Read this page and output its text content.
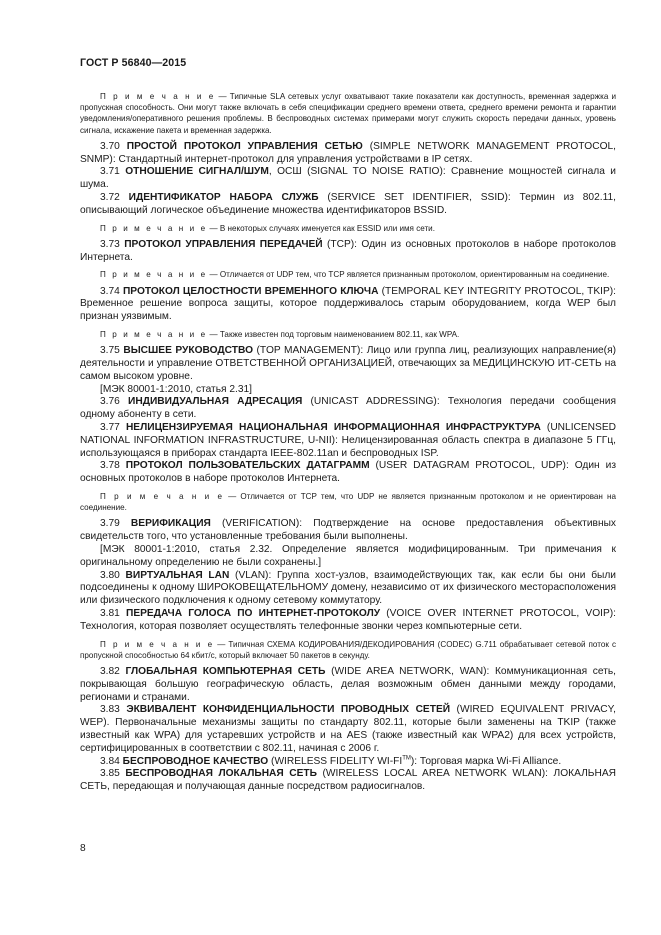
ГОСТ Р 56840—2015

П р и м е ч а н и е — Типичные SLA сетевых услуг охватывают такие показатели как доступность, временная задержка и пропускная способность. Они могут также включать в себя спецификации среднего времени ответа, среднего времени ремонта и гарантии уведомления/оперативного решения проблемы. В беспроводных системах примерами могут служить скорость передачи данных, уровень сигнала, искажение пакета и временная задержка.

3.70 ПРОСТОЙ ПРОТОКОЛ УПРАВЛЕНИЯ СЕТЬЮ (SIMPLE NETWORK MANAGEMENT PROTOCOL, SNMP): Стандартный интернет-протокол для управления устройствами в IP сетях.

3.71 ОТНОШЕНИЕ СИГНАЛ/ШУМ, ОСШ (SIGNAL TO NOISE RATIO): Сравнение мощностей сигнала и шума.

3.72 ИДЕНТИФИКАТОР НАБОРА СЛУЖБ (SERVICE SET IDENTIFIER, SSID): Термин из 802.11, описывающий логическое объединение множества идентификаторов BSSID.

П р и м е ч а н и е — В некоторых случаях именуется как ESSID или имя сети.

3.73 ПРОТОКОЛ УПРАВЛЕНИЯ ПЕРЕДАЧЕЙ (TCP): Один из основных протоколов в наборе протоколов Интернета.

П р и м е ч а н и е — Отличается от UDP тем, что TCP является признанным протоколом, ориентированным на соединение.

3.74 ПРОТОКОЛ ЦЕЛОСТНОСТИ ВРЕМЕННОГО КЛЮЧА (TEMPORAL KEY INTEGRITY PROTOCOL, TKIP): Временное решение вопроса защиты, которое поддерживалось старым оборудованием, когда WEP был признан уязвимым.

П р и м е ч а н и е — Также известен под торговым наименованием 802.11, как WPA.

3.75 ВЫСШЕЕ РУКОВОДСТВО (TOP MANAGEMENT): Лицо или группа лиц, реализующих направление(я) деятельности и управление ОТВЕТСТВЕННОЙ ОРГАНИЗАЦИЕЙ, отвечающих за МЕДИЦИНСКУЮ ИТ-СЕТЬ на самом высоком уровне.

[МЭК 80001-1:2010, статья 2.31]

3.76 ИНДИВИДУАЛЬНАЯ АДРЕСАЦИЯ (UNICAST ADDRESSING): Технология передачи сообщения одному абоненту в сети.

3.77 НЕЛИЦЕНЗИРУЕМАЯ НАЦИОНАЛЬНАЯ ИНФОРМАЦИОННАЯ ИНФРАСТРУКТУРА (UNLICENSED NATIONAL INFORMATION INFRASTRUCTURE, U-NII): Нелицензированная область спектра в диапазоне 5 ГГц, использующаяся в приборах стандарта IEEE-802.11an и беспроводных ISP.

3.78 ПРОТОКОЛ ПОЛЬЗОВАТЕЛЬСКИХ ДАТАГРАММ (USER DATAGRAM PROTOCOL, UDP): Один из основных протоколов в наборе протоколов Интернета.

П р и м е ч а н и е — Отличается от TCP тем, что UDP не является признанным протоколом и не ориентирован на соединение.

3.79 ВЕРИФИКАЦИЯ (VERIFICATION): Подтверждение на основе предоставления объективных свидетельств того, что установленные требования были выполнены.

[МЭК 80001-1:2010, статья 2.32. Определение является модифицированным. Три примечания к оригинальному определению не были сохранены.]

3.80 ВИРТУАЛЬНАЯ LAN (VLAN): Группа хост-узлов, взаимодействующих так, как если бы они были подсоединены к одному ШИРОКОВЕЩАТЕЛЬНОМУ домену, независимо от их физического месторасположения или физического подключения к одному сетевому коммутатору.

3.81 ПЕРЕДАЧА ГОЛОСА ПО ИНТЕРНЕТ-ПРОТОКОЛУ (VOICE OVER INTERNET PROTOCOL, VOIP): Технология, которая позволяет осуществлять телефонные звонки через компьютерные сети.

П р и м е ч а н и е — Типичная СХЕМА КОДИРОВАНИЯ/ДЕКОДИРОВАНИЯ (CODEC) G.711 обрабатывает сетевой поток с пропускной способностью 64 кбит/с, который включает 50 пакетов в секунду.

3.82 ГЛОБАЛЬНАЯ КОМПЬЮТЕРНАЯ СЕТЬ (WIDE AREA NETWORK, WAN): Коммуникационная сеть, покрывающая большую географическую область, делая возможным обмен данными между городами, регионами и странами.

3.83 ЭКВИВАЛЕНТ КОНФИДЕНЦИАЛЬНОСТИ ПРОВОДНЫХ СЕТЕЙ (WIRED EQUIVALENT PRIVACY, WEP). Первоначальные механизмы защиты по стандарту 802.11, которые были заменены на TKIP (также известный как WPA) для устаревших устройств и на AES (также известный как WPA2) для всех устройств, сертифицированных в соответствии с 802.11, начиная с 2006 г.

3.84 БЕСПРОВОДНОЕ КАЧЕСТВО (WIRELESS FIDELITY WI-FI™): Торговая марка Wi-Fi Alliance.

3.85 БЕСПРОВОДНАЯ ЛОКАЛЬНАЯ СЕТЬ (WIRELESS LOCAL AREA NETWORK WLAN): ЛОКАЛЬНАЯ СЕТЬ, передающая и получающая данные посредством радиосигналов.

8
